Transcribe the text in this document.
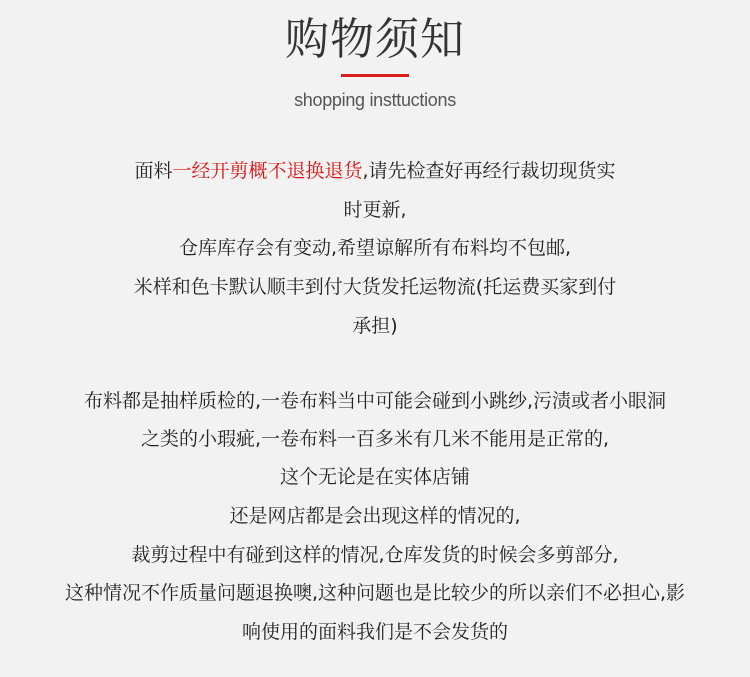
购物须知
shopping insttuctions
面料一经开剪概不退换退货,请先检查好再经行裁切现货实
时更新,
仓库库存会有变动,希望谅解所有布料均不包邮,
米样和色卡默认顺丰到付大货发托运物流(托运费买家到付
承担)
布料都是抽样质检的,一卷布料当中可能会碰到小跳纱,污渍或者小眼洞
之类的小瑕疵,一卷布料一百多米有几米不能用是正常的,
这个无论是在实体店铺
还是网店都是会出现这样的情况的,
裁剪过程中有碰到这样的情况,仓库发货的时候会多剪部分,
这种情况不作质量问题退换噢,这种问题也是比较少的所以亲们不必担心,影
响使用的面料我们是不会发货的
